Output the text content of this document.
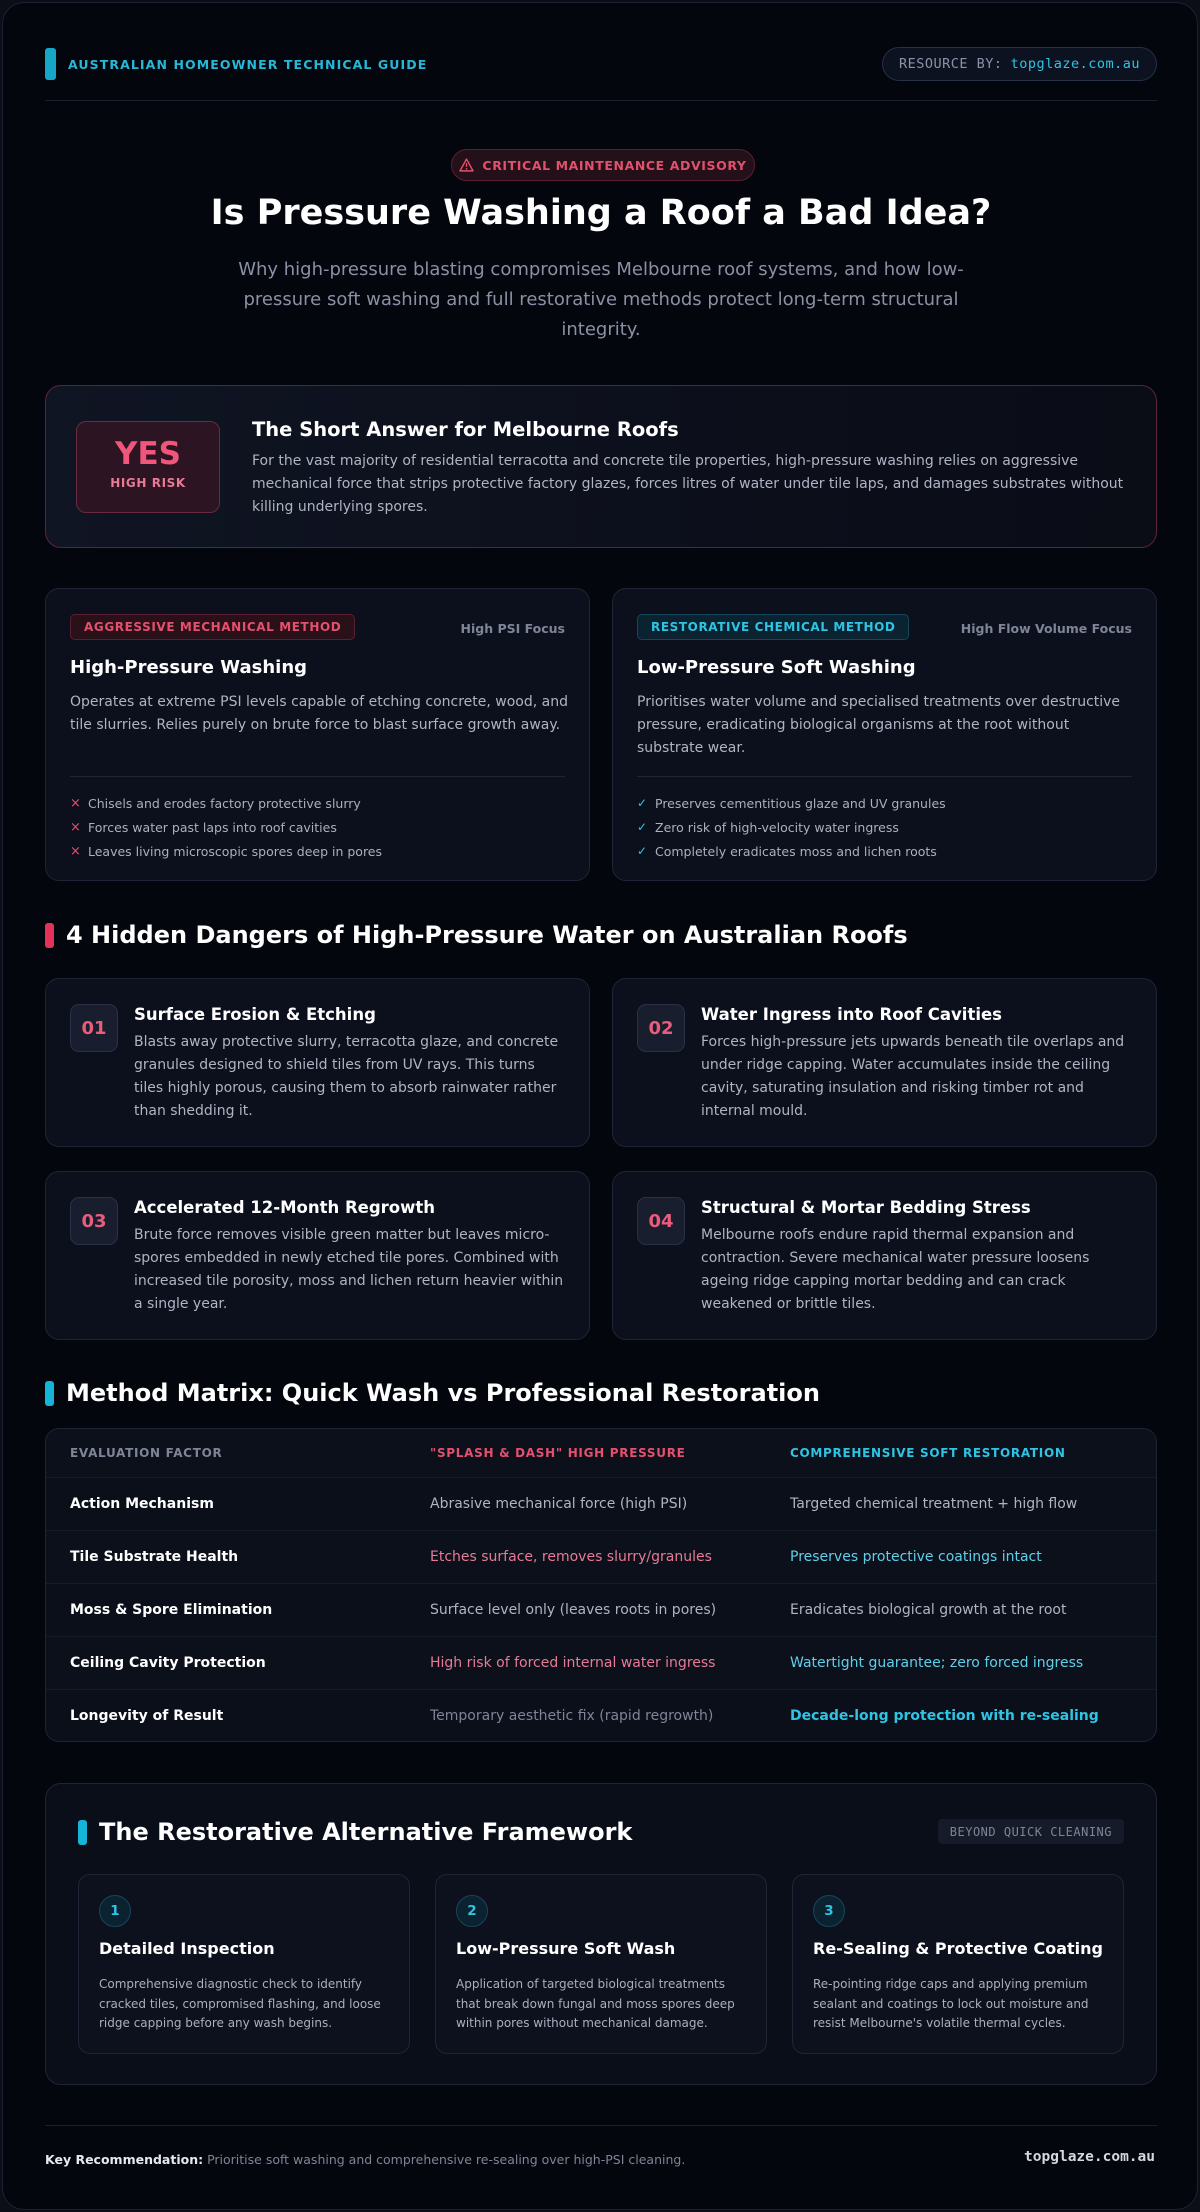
AUSTRALIAN HOMEOWNER TECHNICAL GUIDE	RESOURCE BY: topglaze.com.au
CRITICAL MAINTENANCE ADVISORY
Is Pressure Washing a Roof a Bad Idea?

Why high-pressure blasting compromises Melbourne roof systems, and how low-pressure soft washing and full restorative methods protect long-term structural integrity.

YES
HIGH RISK
The Short Answer for Melbourne Roofs

For the vast majority of residential terracotta and concrete tile properties, high-pressure washing relies on aggressive mechanical force that strips protective factory glazes, forces litres of water under tile laps, and damages substrates without killing underlying spores.

AGGRESSIVE MECHANICAL METHOD	High PSI Focus
High-Pressure Washing
Operates at extreme PSI levels capable of etching concrete, wood, and tile slurries. Relies purely on brute force to blast surface growth away.
× Chisels and erodes factory protective slurry
× Forces water past laps into roof cavities
× Leaves living microscopic spores deep in pores
RESTORATIVE CHEMICAL METHOD	High Flow Volume Focus
Low-Pressure Soft Washing
Prioritises water volume and specialised treatments over destructive pressure, eradicating biological organisms at the root without substrate wear.
✓ Preserves cementitious glaze and UV granules
✓ Zero risk of high-velocity water ingress
✓ Completely eradicates moss and lichen roots
4 Hidden Dangers of High-Pressure Water on Australian Roofs
01
Surface Erosion & Etching
Blasts away protective slurry, terracotta glaze, and concrete granules designed to shield tiles from UV rays. This turns tiles highly porous, causing them to absorb rainwater rather than shedding it.
02
Water Ingress into Roof Cavities
Forces high-pressure jets upwards beneath tile overlaps and under ridge capping. Water accumulates inside the ceiling cavity, saturating insulation and risking timber rot and internal mould.
03
Accelerated 12-Month Regrowth
Brute force removes visible green matter but leaves micro-spores embedded in newly etched tile pores. Combined with increased tile porosity, moss and lichen return heavier within a single year.
04
Structural & Mortar Bedding Stress
Melbourne roofs endure rapid thermal expansion and contraction. Severe mechanical water pressure loosens ageing ridge capping mortar bedding and can crack weakened or brittle tiles.
Method Matrix: Quick Wash vs Professional Restoration
EVALUATION FACTOR	"SPLASH & DASH" HIGH PRESSURE	COMPREHENSIVE SOFT RESTORATION
Action Mechanism	Abrasive mechanical force (high PSI)	Targeted chemical treatment + high flow
Tile Substrate Health	Etches surface, removes slurry/granules	Preserves protective coatings intact
Moss & Spore Elimination	Surface level only (leaves roots in pores)	Eradicates biological growth at the root
Ceiling Cavity Protection	High risk of forced internal water ingress	Watertight guarantee; zero forced ingress
Longevity of Result	Temporary aesthetic fix (rapid regrowth)	Decade-long protection with re-sealing
The Restorative Alternative Framework	BEYOND QUICK CLEANING
1
Detailed Inspection
Comprehensive diagnostic check to identify cracked tiles, compromised flashing, and loose ridge capping before any wash begins.
2
Low-Pressure Soft Wash
Application of targeted biological treatments that break down fungal and moss spores deep within pores without mechanical damage.
3
Re-Sealing & Protective Coating
Re-pointing ridge caps and applying premium sealant and coatings to lock out moisture and resist Melbourne's volatile thermal cycles.
Key Recommendation: Prioritise soft washing and comprehensive re-sealing over high-PSI cleaning.	topglaze.com.au
